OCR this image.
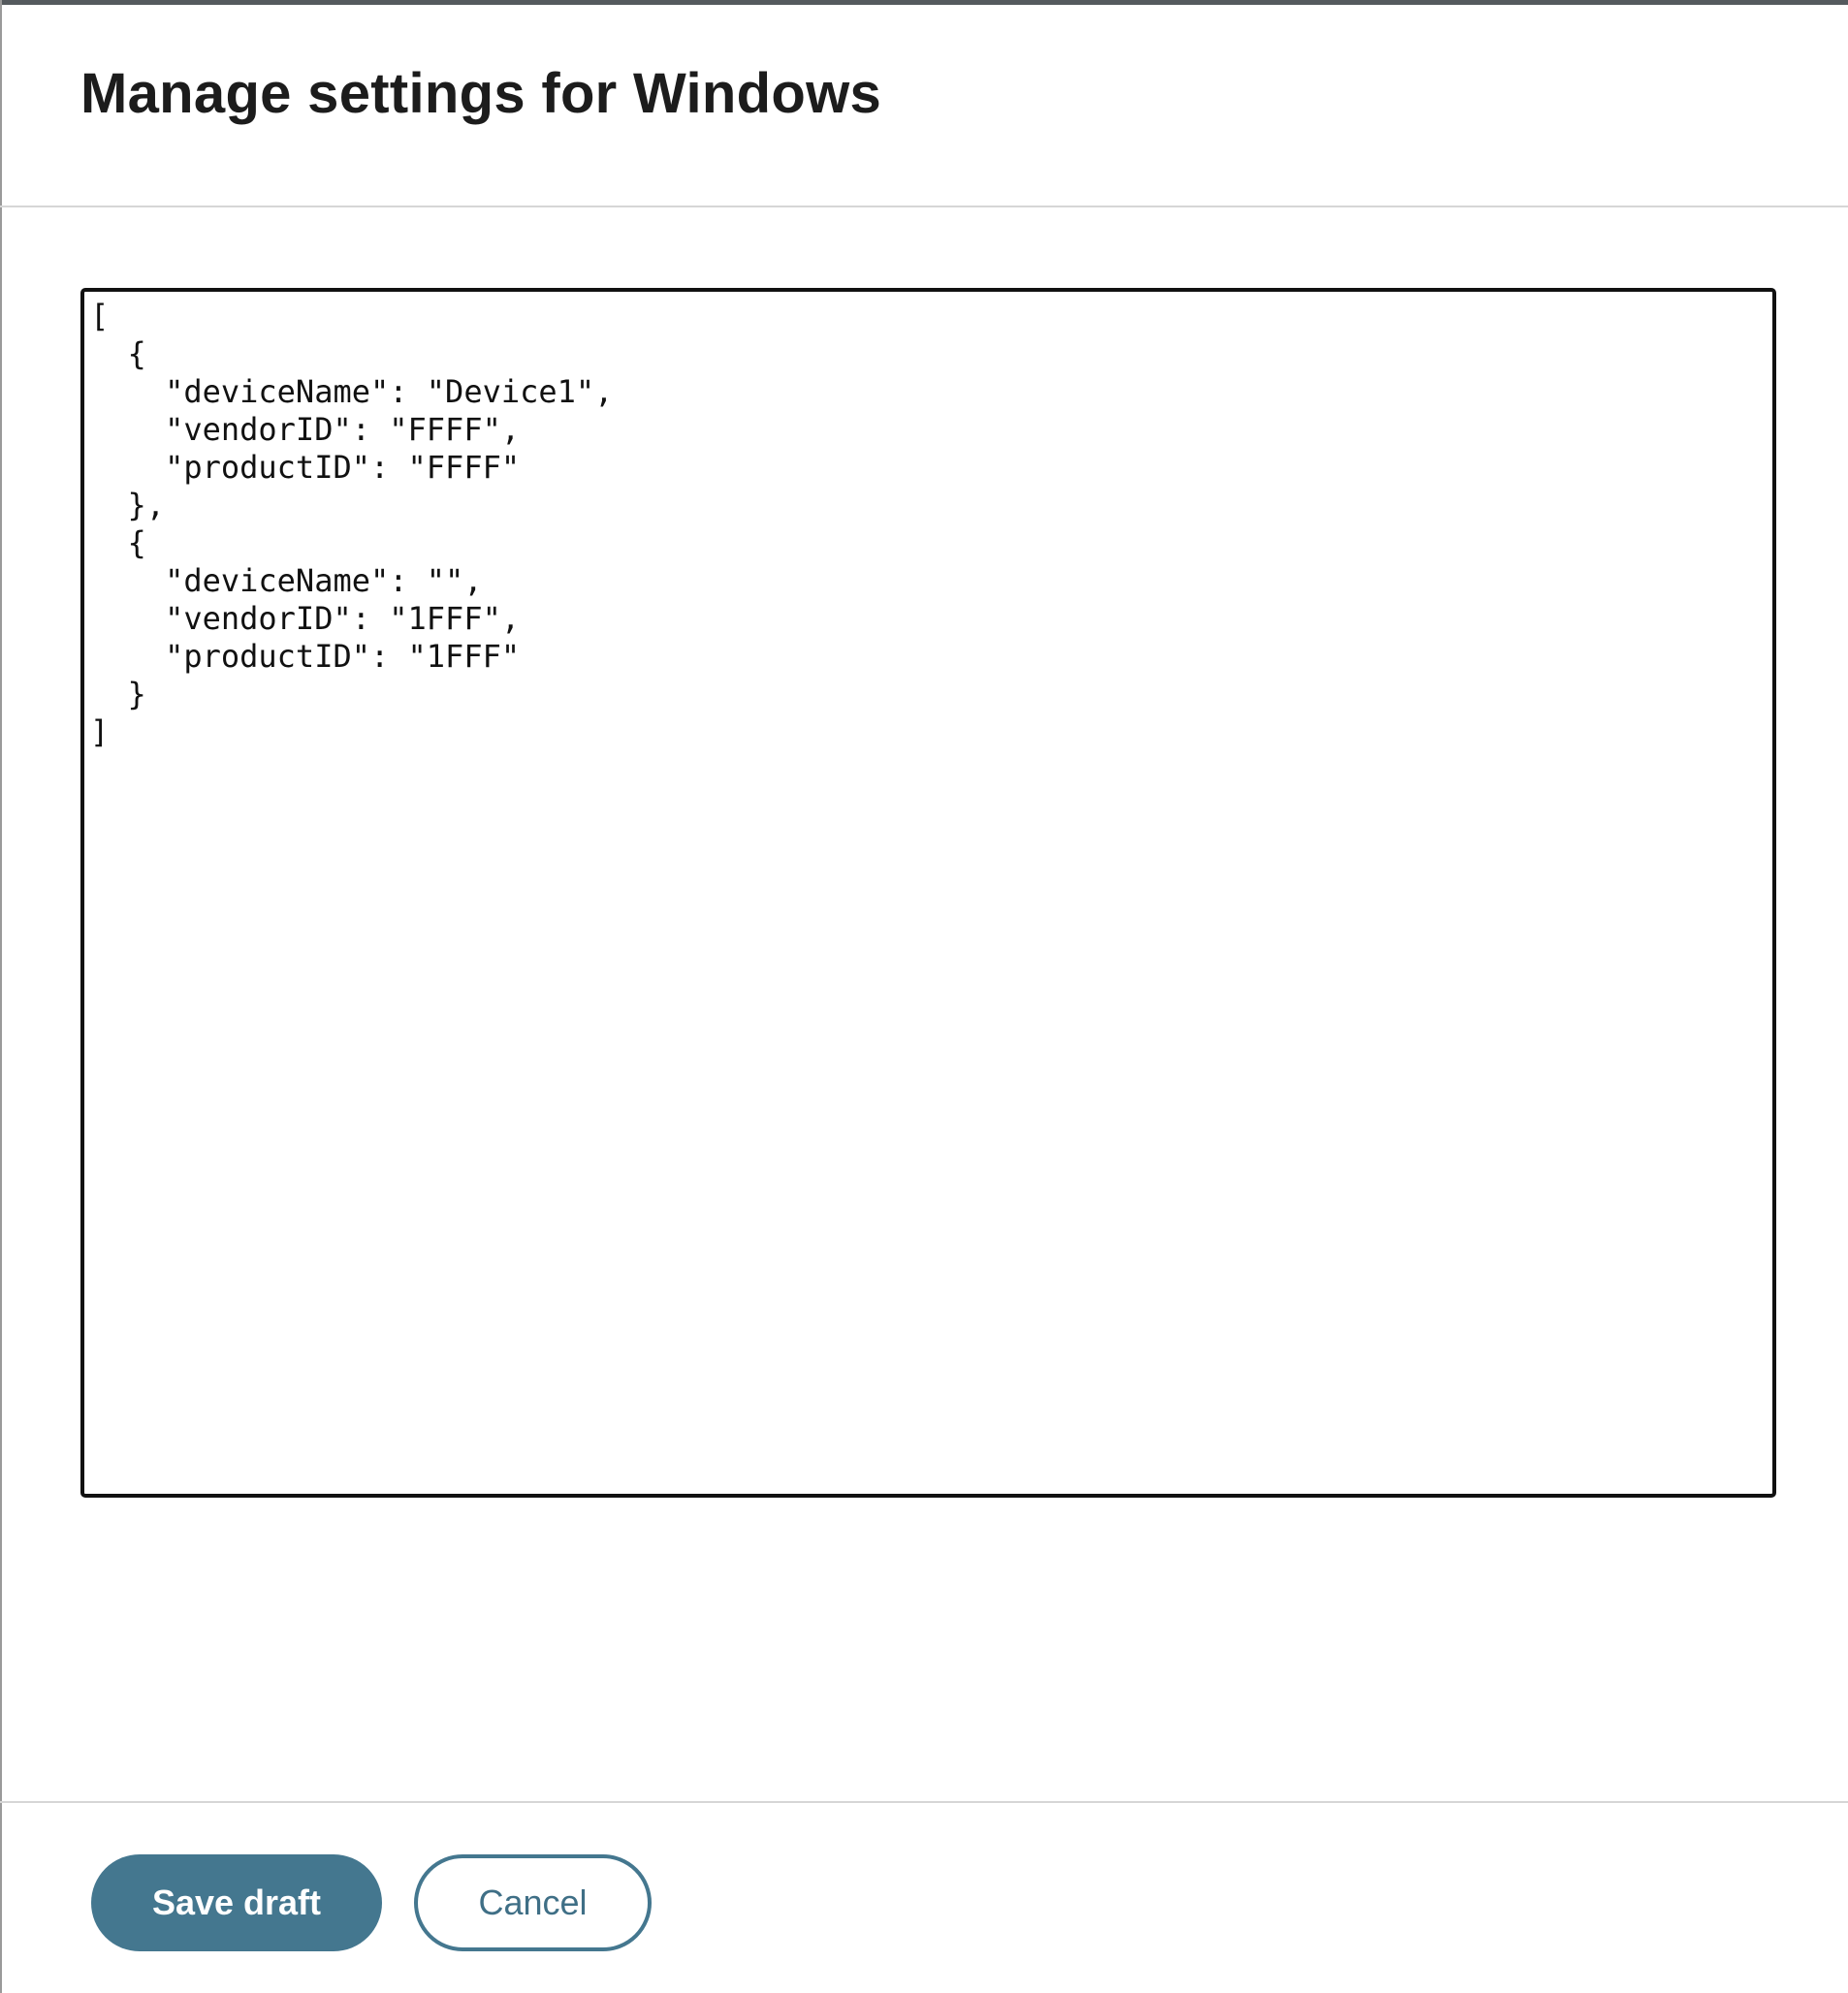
Manage settings for Windows
[ { "deviceName": "Device1", "vendorID": "FFFF", "productID": "FFFF" }, { "deviceName": "", "vendorID": "1FFF", "productID": "1FFF" } ]
Save draft	Cancel
